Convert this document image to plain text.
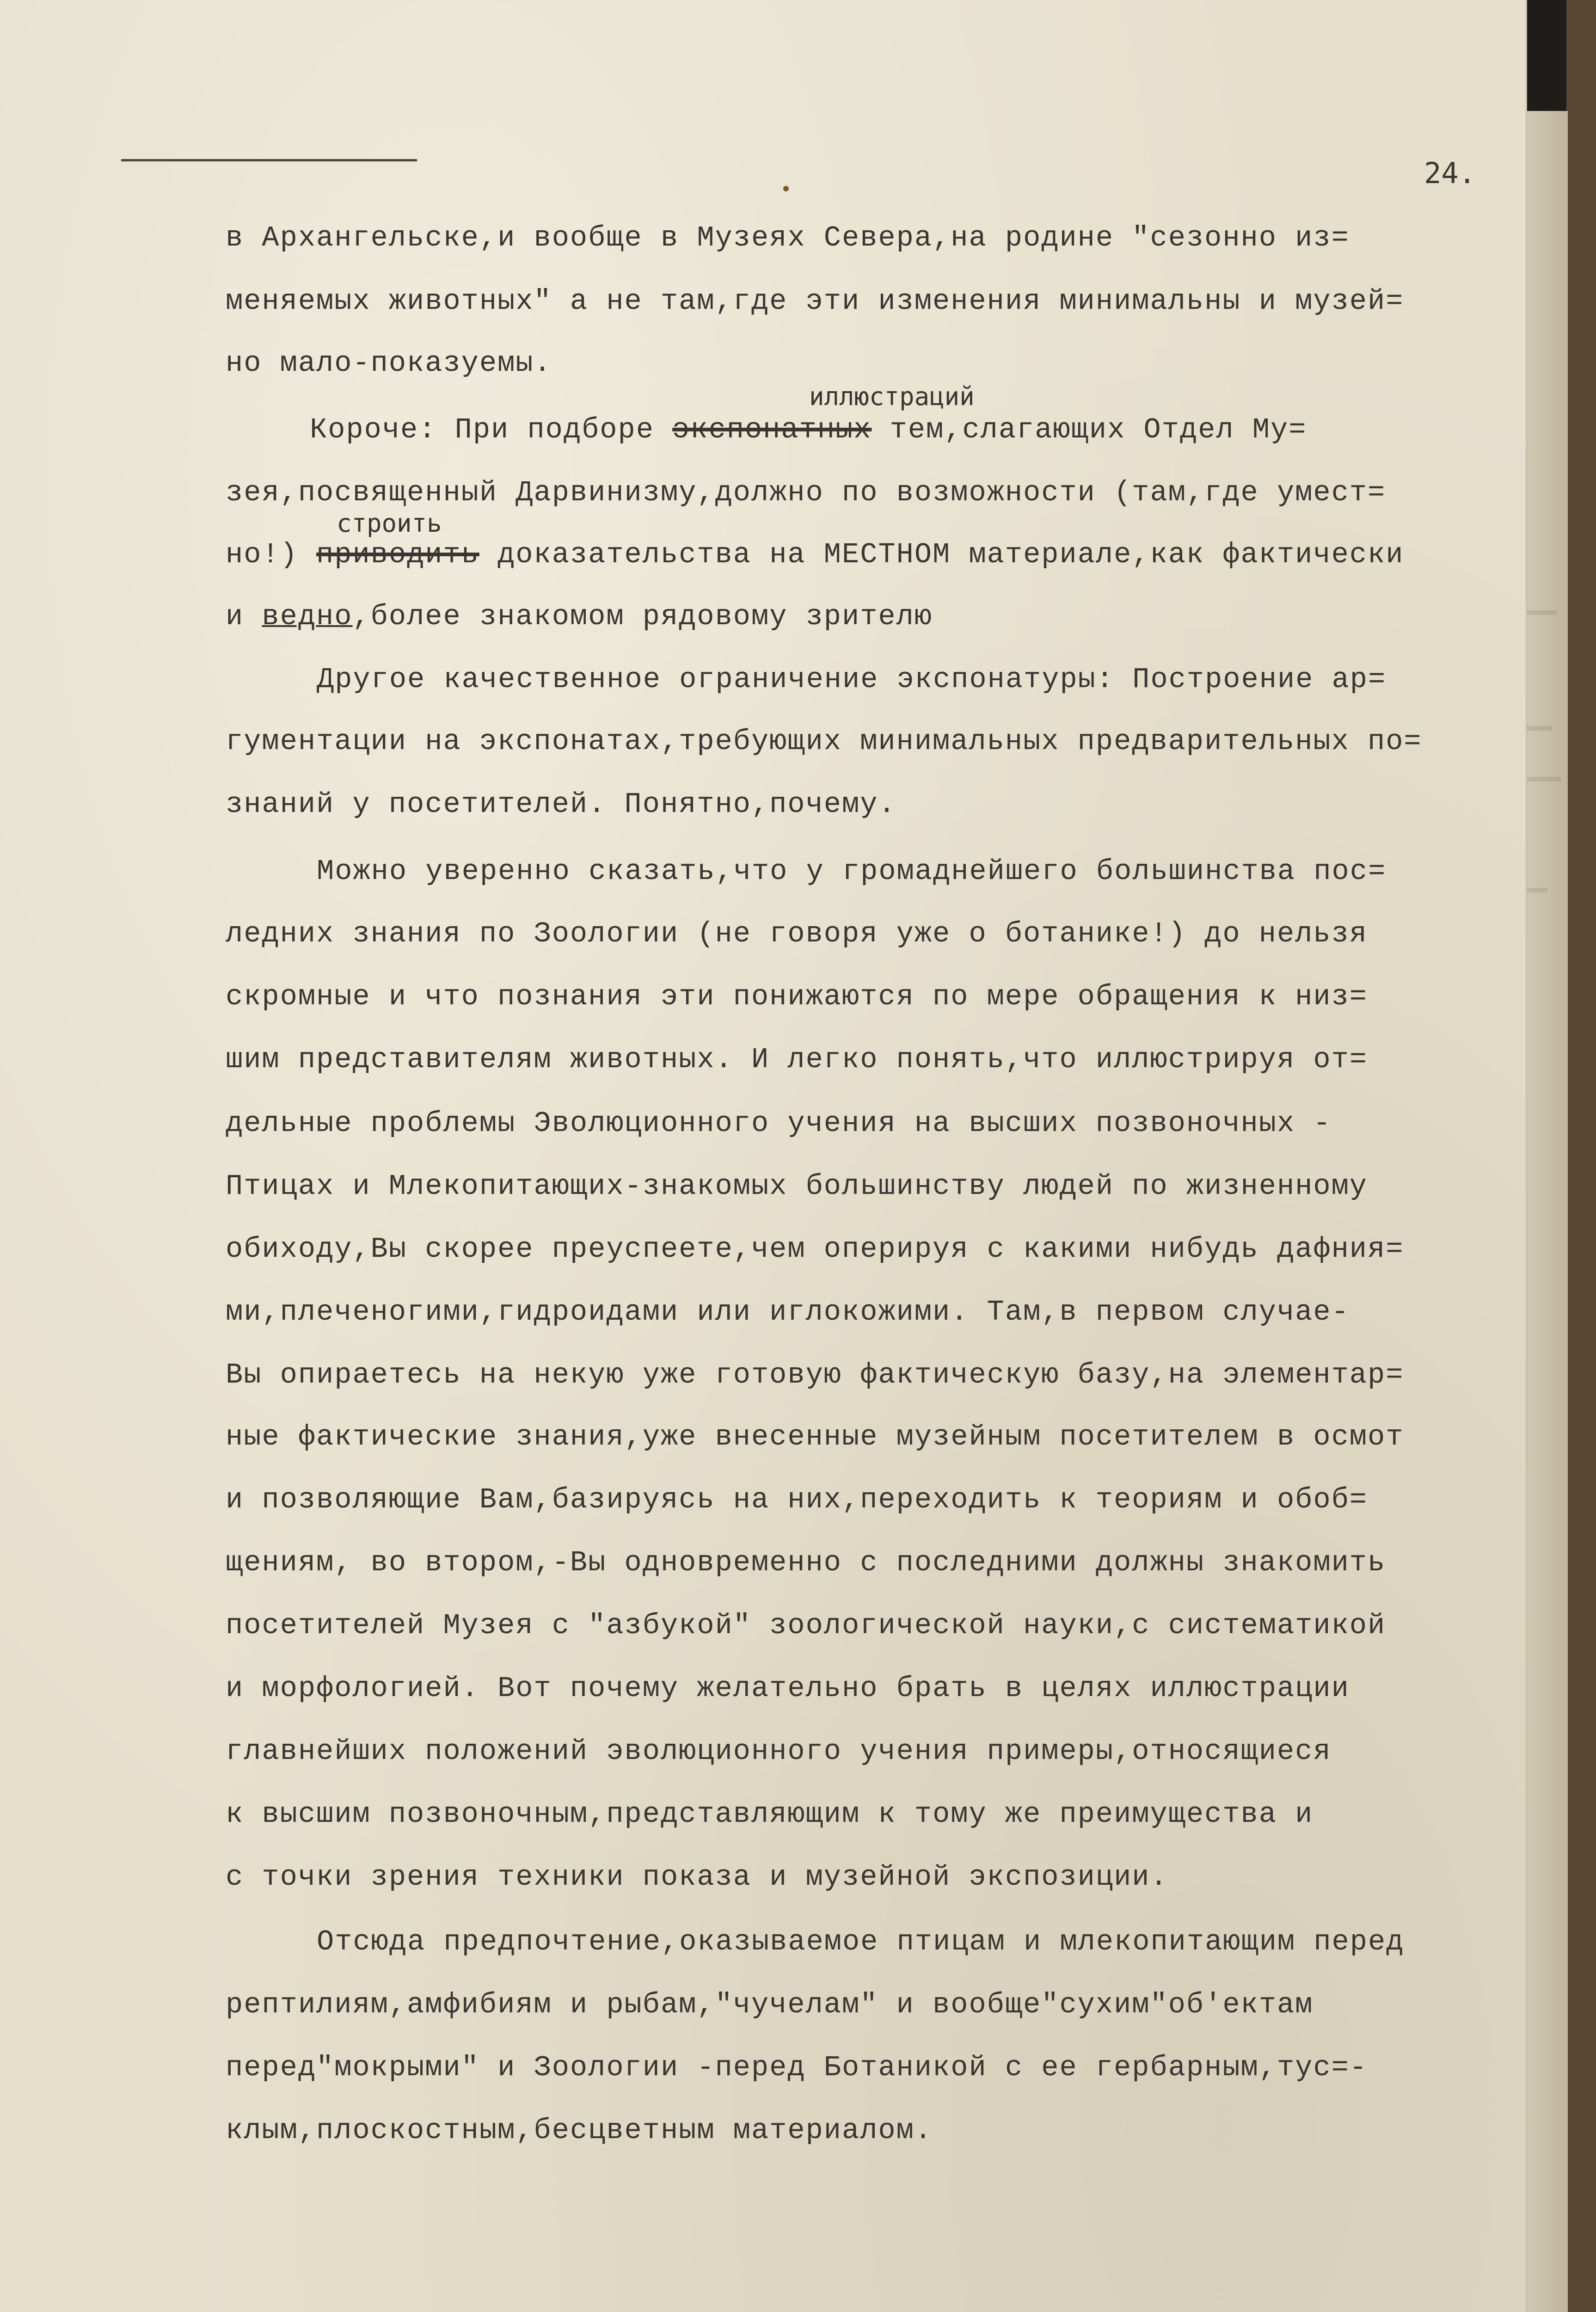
24.
в Архангельске,и вообще в Музеях Севера,на родине "сезонно из=
меняемых животных" а не там,где эти изменения минимальны и музей=
но мало-показуемы.
иллюстраций
Короче: При подборе экспонатных тем,слагающих Отдел Му=
зея,посвященный Дарвинизму,должно по возможности (там,где умест=
строить
но!) приводить доказательства на МЕСТНОМ материале,как фактически
и ведно,более знакомом рядовому зрителю
Другое качественное ограничение экспонатуры: Построение ар=
гументации на экспонатах,требующих минимальных предварительных по=
знаний у посетителей. Понятно,почему.
Можно уверенно сказать,что у громаднейшего большинства пос=
ледних знания по Зоологии (не говоря уже о ботанике!) до нельзя
скромные и что познания эти понижаются по мере обращения к низ=
шим представителям животных. И легко понять,что иллюстрируя от=
дельные проблемы Эволюционного учения на высших позвоночных -
Птицах и Млекопитающих-знакомых большинству людей по жизненному
обиходу,Вы скорее преуспеете,чем оперируя с какими нибудь дафния=
ми,плеченогими,гидроидами или иглокожими. Там,в первом случае-
Вы опираетесь на некую уже готовую фактическую базу,на элементар=
ные фактические знания,уже внесенные музейным посетителем в осмот
и позволяющие Вам,базируясь на них,переходить к теориям и обоб=
щениям, во втором,-Вы одновременно с последними должны знакомить
посетителей Музея с "азбукой" зоологической науки,с систематикой
и морфологией. Вот почему желательно брать в целях иллюстрации
главнейших положений эволюционного учения примеры,относящиеся
к высшим позвоночным,представляющим к тому же преимущества и
с точки зрения техники показа и музейной экспозиции.
Отсюда предпочтение,оказываемое птицам и млекопитающим перед
рептилиям,амфибиям и рыбам,"чучелам" и вообще"сухим"об'ектам
перед"мокрыми" и Зоологии -перед Ботаникой с ее гербарным,тус=-
клым,плоскостным,бесцветным материалом.
